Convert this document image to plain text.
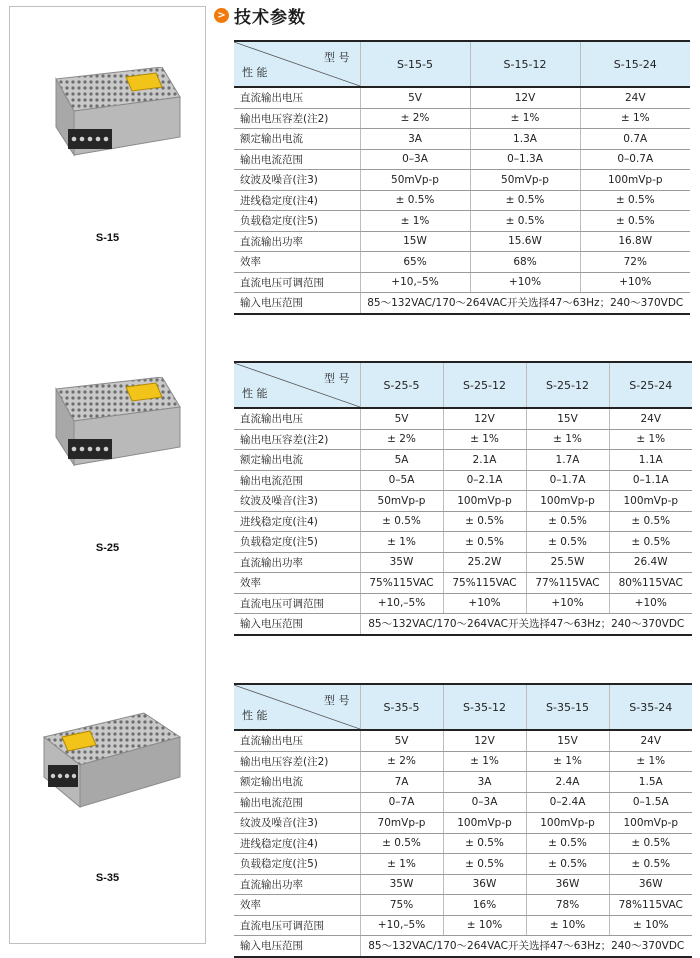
S-15
S-25
S-35
> 技术参数
型 号
性 能	S-15-5	S-15-12	S-15-24
直流输出电压	5V	12V	24V
输出电压容差(注2)	± 2%	± 1%	± 1%
额定输出电流	3A	1.3A	0.7A
输出电流范围	0–3A	0–1.3A	0–0.7A
纹波及噪音(注3)	50mVp-p	50mVp-p	100mVp-p
进线稳定度(注4)	± 0.5%	± 0.5%	± 0.5%
负载稳定度(注5)	± 1%	± 0.5%	± 0.5%
直流输出功率	15W	15.6W	16.8W
效率	65%	68%	72%
直流电压可调范围	+10,–5%	+10%	+10%
输入电压范围	85～132VAC/170～264VAC开关选择47～63Hz；240～370VDC		
型 号
性 能	S-25-5	S-25-12	S-25-12	S-25-24
直流输出电压	5V	12V	15V	24V
输出电压容差(注2)	± 2%	± 1%	± 1%	± 1%
额定输出电流	5A	2.1A	1.7A	1.1A
输出电流范围	0–5A	0–2.1A	0–1.7A	0–1.1A
纹波及噪音(注3)	50mVp-p	100mVp-p	100mVp-p	100mVp-p
进线稳定度(注4)	± 0.5%	± 0.5%	± 0.5%	± 0.5%
负载稳定度(注5)	± 1%	± 0.5%	± 0.5%	± 0.5%
直流输出功率	35W	25.2W	25.5W	26.4W
效率	75%115VAC	75%115VAC	77%115VAC	80%115VAC
直流电压可调范围	+10,–5%	+10%	+10%	+10%
输入电压范围	85～132VAC/170～264VAC开关选择47～63Hz；240～370VDC			
型 号
性 能	S-35-5	S-35-12	S-35-15	S-35-24
直流输出电压	5V	12V	15V	24V
输出电压容差(注2)	± 2%	± 1%	± 1%	± 1%
额定输出电流	7A	3A	2.4A	1.5A
输出电流范围	0–7A	0–3A	0–2.4A	0–1.5A
纹波及噪音(注3)	70mVp-p	100mVp-p	100mVp-p	100mVp-p
进线稳定度(注4)	± 0.5%	± 0.5%	± 0.5%	± 0.5%
负载稳定度(注5)	± 1%	± 0.5%	± 0.5%	± 0.5%
直流输出功率	35W	36W	36W	36W
效率	75%	16%	78%	78%115VAC
直流电压可调范围	+10,–5%	± 10%	± 10%	± 10%
输入电压范围	85～132VAC/170～264VAC开关选择47～63Hz；240～370VDC			
